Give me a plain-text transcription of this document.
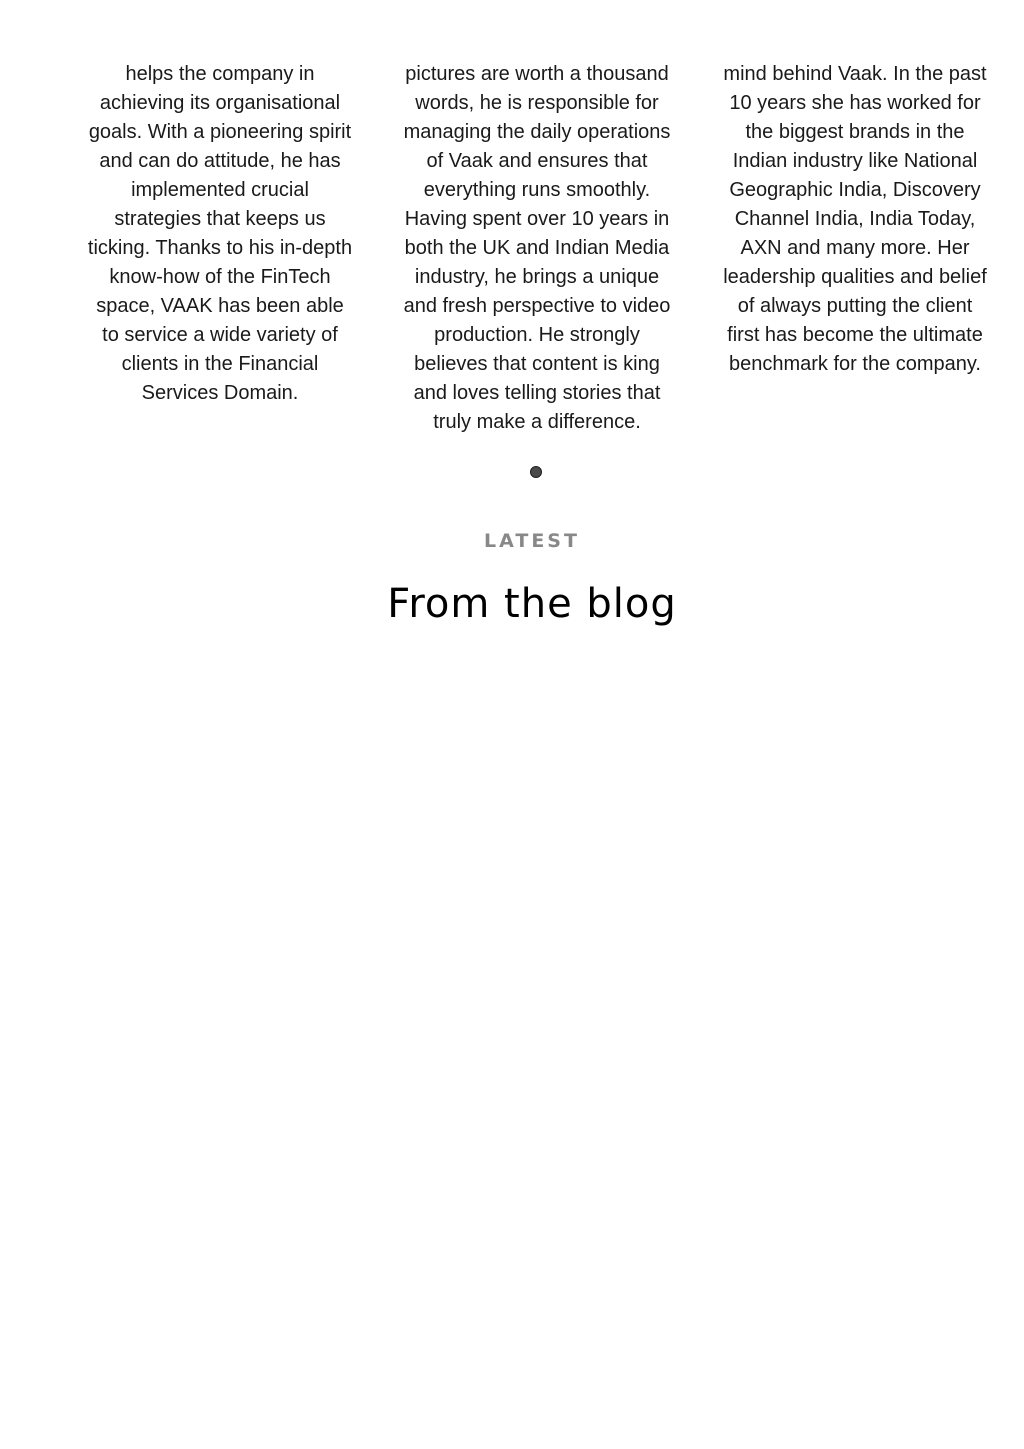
helps the company in
achieving its organisational
goals. With a pioneering spirit
and can do attitude, he has
implemented crucial
strategies that keeps us
ticking. Thanks to his in-depth
know-how of the FinTech
space, VAAK has been able
to service a wide variety of
clients in the Financial
Services Domain.
pictures are worth a thousand
words, he is responsible for
managing the daily operations
of Vaak and ensures that
everything runs smoothly.
Having spent over 10 years in
both the UK and Indian Media
industry, he brings a unique
and fresh perspective to video
production. He strongly
believes that content is king
and loves telling stories that
truly make a difference.
mind behind Vaak. In the past
10 years she has worked for
the biggest brands in the
Indian industry like National
Geographic India, Discovery
Channel India, India Today,
AXN and many more. Her
leadership qualities and belief
of always putting the client
first has become the ultimate
benchmark for the company.
LATEST
From the blog
